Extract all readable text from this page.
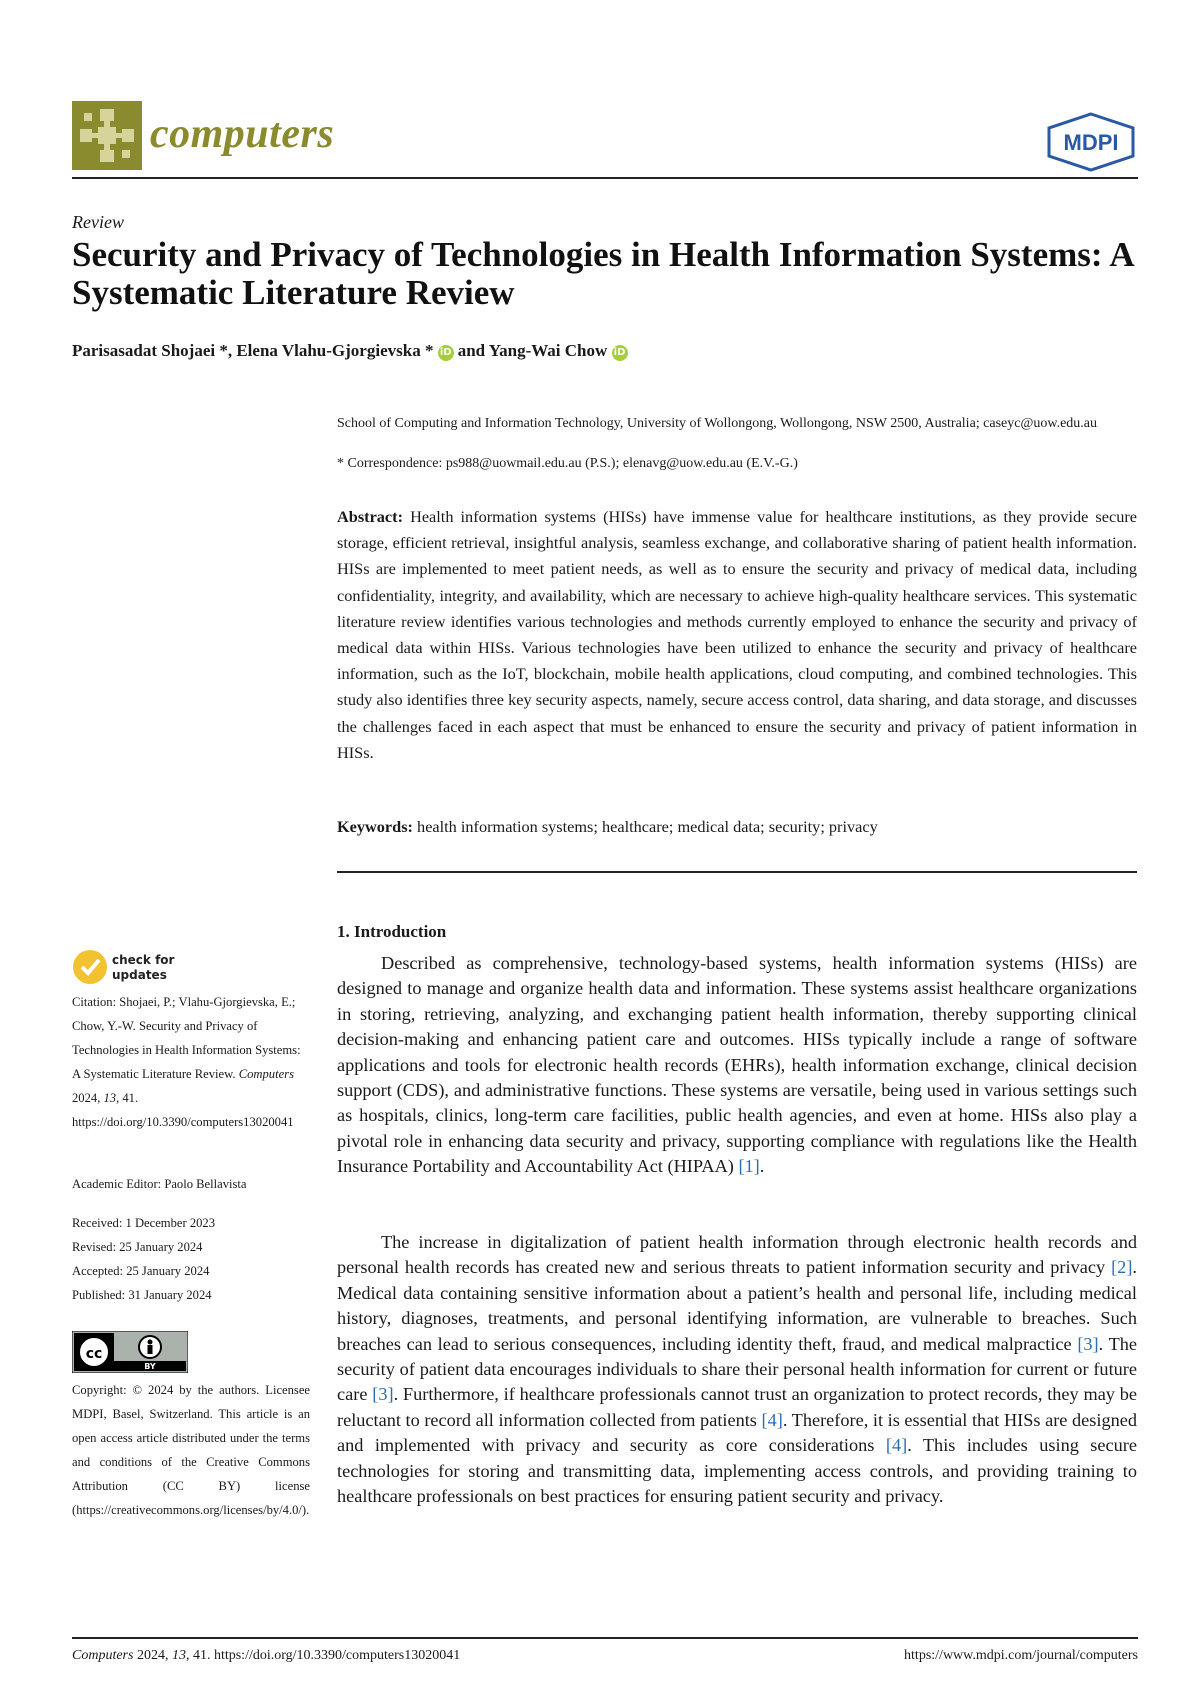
computers	MDPI
Review
Security and Privacy of Technologies in Health Information Systems: A Systematic Literature Review
Parisasadat Shojaei *, Elena Vlahu-Gjorgievska * iD and Yang-Wai Chow iD
School of Computing and Information Technology, University of Wollongong, Wollongong, NSW 2500, Australia; caseyc@uow.edu.au
* Correspondence: ps988@uowmail.edu.au (P.S.); elenavg@uow.edu.au (E.V.-G.)
Abstract: Health information systems (HISs) have immense value for healthcare institutions, as they provide secure storage, efficient retrieval, insightful analysis, seamless exchange, and collaborative sharing of patient health information. HISs are implemented to meet patient needs, as well as to ensure the security and privacy of medical data, including confidentiality, integrity, and availability, which are necessary to achieve high-quality healthcare services. This systematic literature review identifies various technologies and methods currently employed to enhance the security and privacy of medical data within HISs. Various technologies have been utilized to enhance the security and privacy of healthcare information, such as the IoT, blockchain, mobile health applications, cloud computing, and combined technologies. This study also identifies three key security aspects, namely, secure access control, data sharing, and data storage, and discusses the challenges faced in each aspect that must be enhanced to ensure the security and privacy of patient information in HISs.
Keywords: health information systems; healthcare; medical data; security; privacy
1. Introduction

Described as comprehensive, technology-based systems, health information systems (HISs) are designed to manage and organize health data and information. These systems assist healthcare organizations in storing, retrieving, analyzing, and exchanging patient health information, thereby supporting clinical decision-making and enhancing patient care and outcomes. HISs typically include a range of software applications and tools for electronic health records (EHRs), health information exchange, clinical decision support (CDS), and administrative functions. These systems are versatile, being used in various settings such as hospitals, clinics, long-term care facilities, public health agencies, and even at home. HISs also play a pivotal role in enhancing data security and privacy, supporting compliance with regulations like the Health Insurance Portability and Accountability Act (HIPAA) [1].

The increase in digitalization of patient health information through electronic health records and personal health records has created new and serious threats to patient information security and privacy [2]. Medical data containing sensitive information about a patient’s health and personal life, including medical history, diagnoses, treatments, and personal identifying information, are vulnerable to breaches. Such breaches can lead to serious consequences, including identity theft, fraud, and medical malpractice [3]. The security of patient data encourages individuals to share their personal health information for current or future care [3]. Furthermore, if healthcare professionals cannot trust an organization to protect records, they may be reluctant to record all information collected from patients [4]. Therefore, it is essential that HISs are designed and implemented with privacy and security as core considerations [4]. This includes using secure technologies for storing and transmitting data, implementing access controls, and providing training to healthcare professionals on best practices for ensuring patient security and privacy.

check for
updates
Citation: Shojaei, P.; Vlahu-Gjorgievska, E.; Chow, Y.-W. Security and Privacy of Technologies in Health Information Systems: A Systematic Literature Review. Computers 2024, 13, 41. https://doi.org/10.3390/computers13020041
Academic Editor: Paolo Bellavista
Received: 1 December 2023
Revised: 25 January 2024
Accepted: 25 January 2024
Published: 31 January 2024
cc
BY
Copyright: © 2024 by the authors. Licensee MDPI, Basel, Switzerland. This article is an open access article distributed under the terms and conditions of the Creative Commons Attribution (CC BY) license (https://creativecommons.org/licenses/by/4.0/).
Computers 2024, 13, 41. https://doi.org/10.3390/computers13020041	https://www.mdpi.com/journal/computers
